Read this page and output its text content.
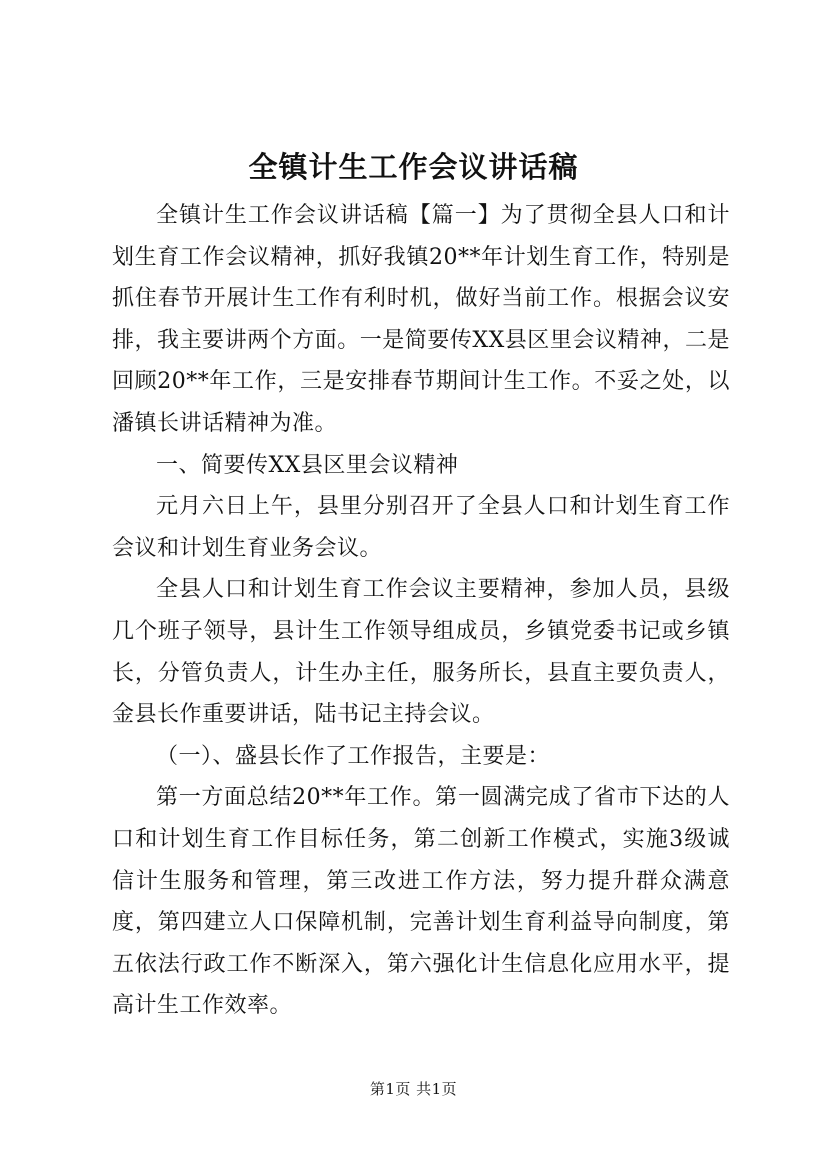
全镇计生工作会议讲话稿

全镇计生工作会议讲话稿【篇一】为了贯彻全县人口和计划生育工作会议精神，抓好我镇20**年计划生育工作，特别是抓住春节开展计生工作有利时机，做好当前工作。根据会议安排，我主要讲两个方面。一是简要传XX县区里会议精神，二是回顾20**年工作，三是安排春节期间计生工作。不妥之处，以潘镇长讲话精神为准。

一、简要传XX县区里会议精神

元月六日上午，县里分别召开了全县人口和计划生育工作会议和计划生育业务会议。

全县人口和计划生育工作会议主要精神，参加人员，县级几个班子领导，县计生工作领导组成员，乡镇党委书记或乡镇长，分管负责人，计生办主任，服务所长，县直主要负责人，金县长作重要讲话，陆书记主持会议。

（一）、盛县长作了工作报告，主要是：

第一方面总结20**年工作。第一圆满完成了省市下达的人口和计划生育工作目标任务，第二创新工作模式，实施3级诚信计生服务和管理，第三改进工作方法，努力提升群众满意度，第四建立人口保障机制，完善计划生育利益导向制度，第五依法行政工作不断深入，第六强化计生信息化应用水平，提高计生工作效率。

第1页 共1页
